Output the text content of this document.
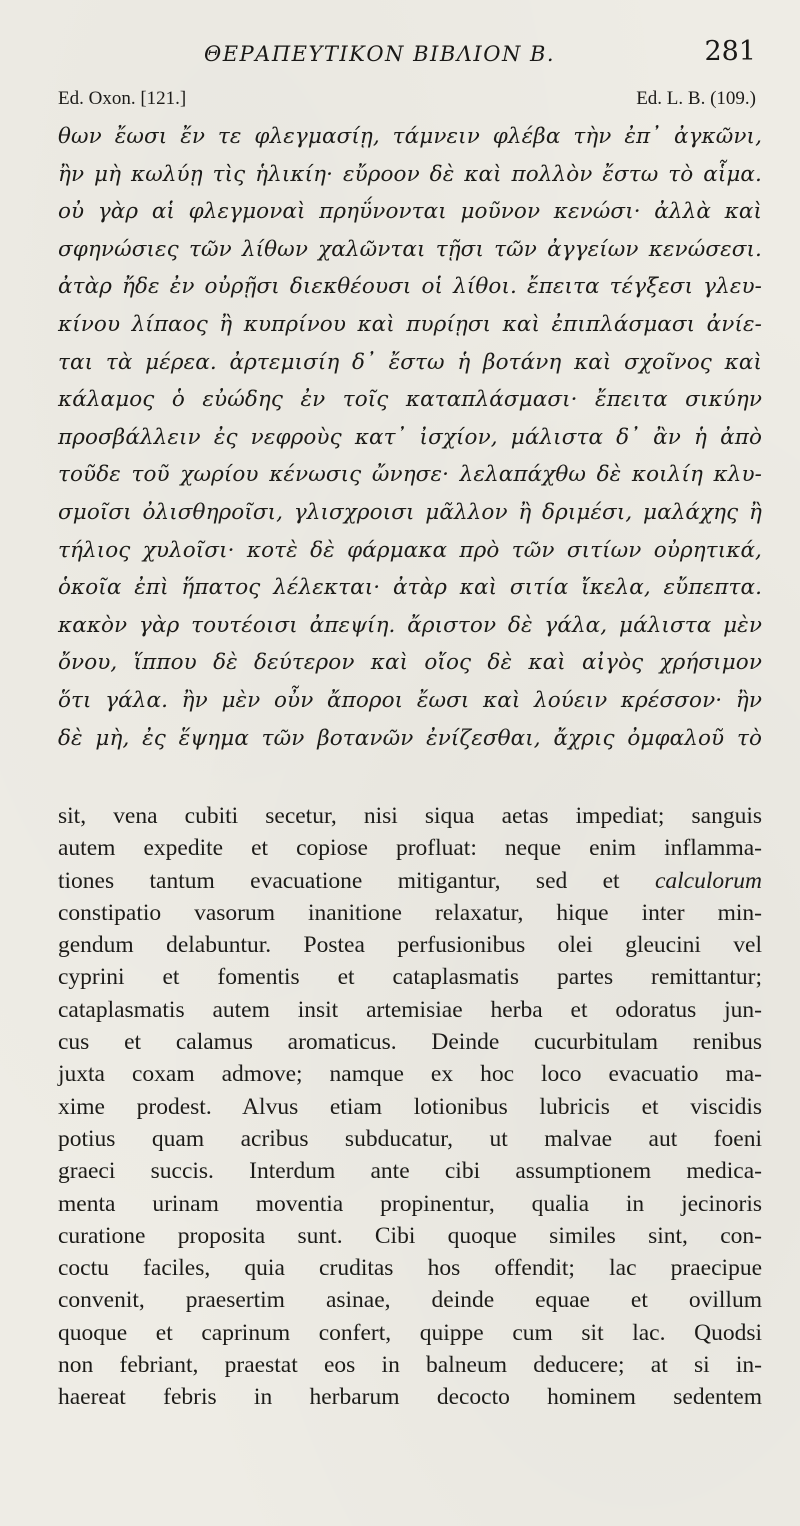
ΘΕΡΑΠΕΥΤΙΚΟΝ ΒΙΒΛΙΟΝ Β.	281
Ed. Oxon. [121.]	Ed. L. B. (109.)
θων ἔωσι ἔν τε φλεγμασίῃ, τάμνειν φλέβα τὴν ἐπ᾽ ἀγκῶνι,
ἢν μὴ κωλύῃ τὶς ἡλικίη· εὔροον δὲ καὶ πολλὸν ἔστω τὸ αἷμα.
οὐ γὰρ αἱ φλεγμοναὶ πρηΰνονται μοῦνον κενώσι· ἀλλὰ καὶ
σφηνώσιες τῶν λίθων χαλῶνται τῇσι τῶν ἀγγείων κενώσεσι.
ἀτὰρ ἤδε ἐν οὐρῇσι διεκθέουσι οἱ λίθοι. ἔπειτα τέγξεσι γλευ-
κίνου λίπαος ἢ κυπρίνου καὶ πυρίῃσι καὶ ἐπιπλάσμασι ἀνίε-
ται τὰ μέρεα. ἀρτεμισίη δ᾽ ἔστω ἡ βοτάνη καὶ σχοῖνος καὶ
κάλαμος ὁ εὐώδης ἐν τοῖς καταπλάσμασι· ἔπειτα σικύην
προσβάλλειν ἐς νεφροὺς κατ᾽ ἰσχίον, μάλιστα δ᾽ ἂν ἡ ἀπὸ
τοῦδε τοῦ χωρίου κένωσις ὤνησε· λελαπάχθω δὲ κοιλίη κλυ-
σμοῖσι ὀλισθηροῖσι, γλισχροισι μᾶλλον ἢ δριμέσι, μαλάχης ἢ
τήλιος χυλοῖσι· κοτὲ δὲ φάρμακα πρὸ τῶν σιτίων οὐρητικά,
ὁκοῖα ἐπὶ ἥπατος λέλεκται· ἀτὰρ καὶ σιτία ἴκελα, εὔπεπτα.
κακὸν γὰρ τουτέοισι ἀπεψίη. ἄριστον δὲ γάλα, μάλιστα μὲν
ὄνου, ἵππου δὲ δεύτερον καὶ οἴος δὲ καὶ αἰγὸς χρήσιμον
ὅτι γάλα. ἢν μὲν οὖν ἄποροι ἔωσι καὶ λούειν κρέσσον· ἢν
δὲ μὴ, ἐς ἕψημα τῶν βοτανῶν ἐνίζεσθαι, ἄχρις ὀμφαλοῦ τὸ
sit, vena cubiti secetur, nisi siqua aetas impediat; sanguis
autem expedite et copiose profluat: neque enim inflamma-
tiones tantum evacuatione mitigantur, sed et calculorum
constipatio vasorum inanitione relaxatur, hique inter min-
gendum delabuntur. Postea perfusionibus olei gleucini vel
cyprini et fomentis et cataplasmatis partes remittantur;
cataplasmatis autem insit artemisiae herba et odoratus jun-
cus et calamus aromaticus. Deinde cucurbitulam renibus
juxta coxam admove; namque ex hoc loco evacuatio ma-
xime prodest. Alvus etiam lotionibus lubricis et viscidis
potius quam acribus subducatur, ut malvae aut foeni
graeci succis. Interdum ante cibi assumptionem medica-
menta urinam moventia propinentur, qualia in jecinoris
curatione proposita sunt. Cibi quoque similes sint, con-
coctu faciles, quia cruditas hos offendit; lac praecipue
convenit, praesertim asinae, deinde equae et ovillum
quoque et caprinum confert, quippe cum sit lac. Quodsi
non febriant, praestat eos in balneum deducere; at si in-
haereat febris in herbarum decocto hominem sedentem
